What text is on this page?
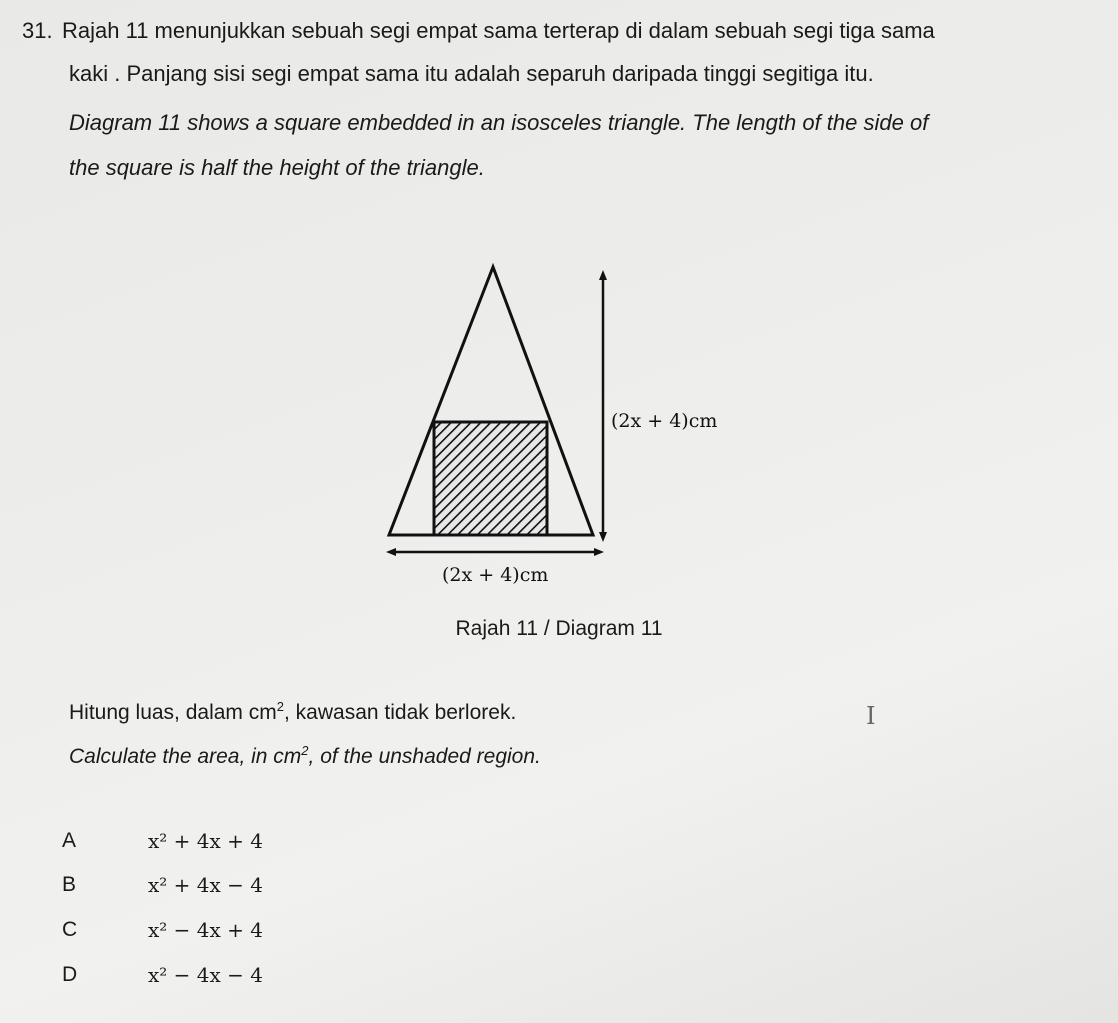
31. Rajah 11 menunjukkan sebuah segi empat sama terterap di dalam sebuah segi tiga sama
kaki . Panjang sisi segi empat sama itu adalah separuh daripada tinggi segitiga itu.
Diagram 11 shows a square embedded in an isosceles triangle. The length of the side of
the square is half the height of the triangle.
(2x + 4)cm
(2x + 4)cm
Rajah 11 / Diagram 11
Hitung luas, dalam $cm^2$, kawasan tidak berlorek.
Calculate the area, in $cm^2$, of the unshaded region.
I
A	x² + 4x + 4
B	x² + 4x − 4
C	x² − 4x + 4
D	x² − 4x − 4
